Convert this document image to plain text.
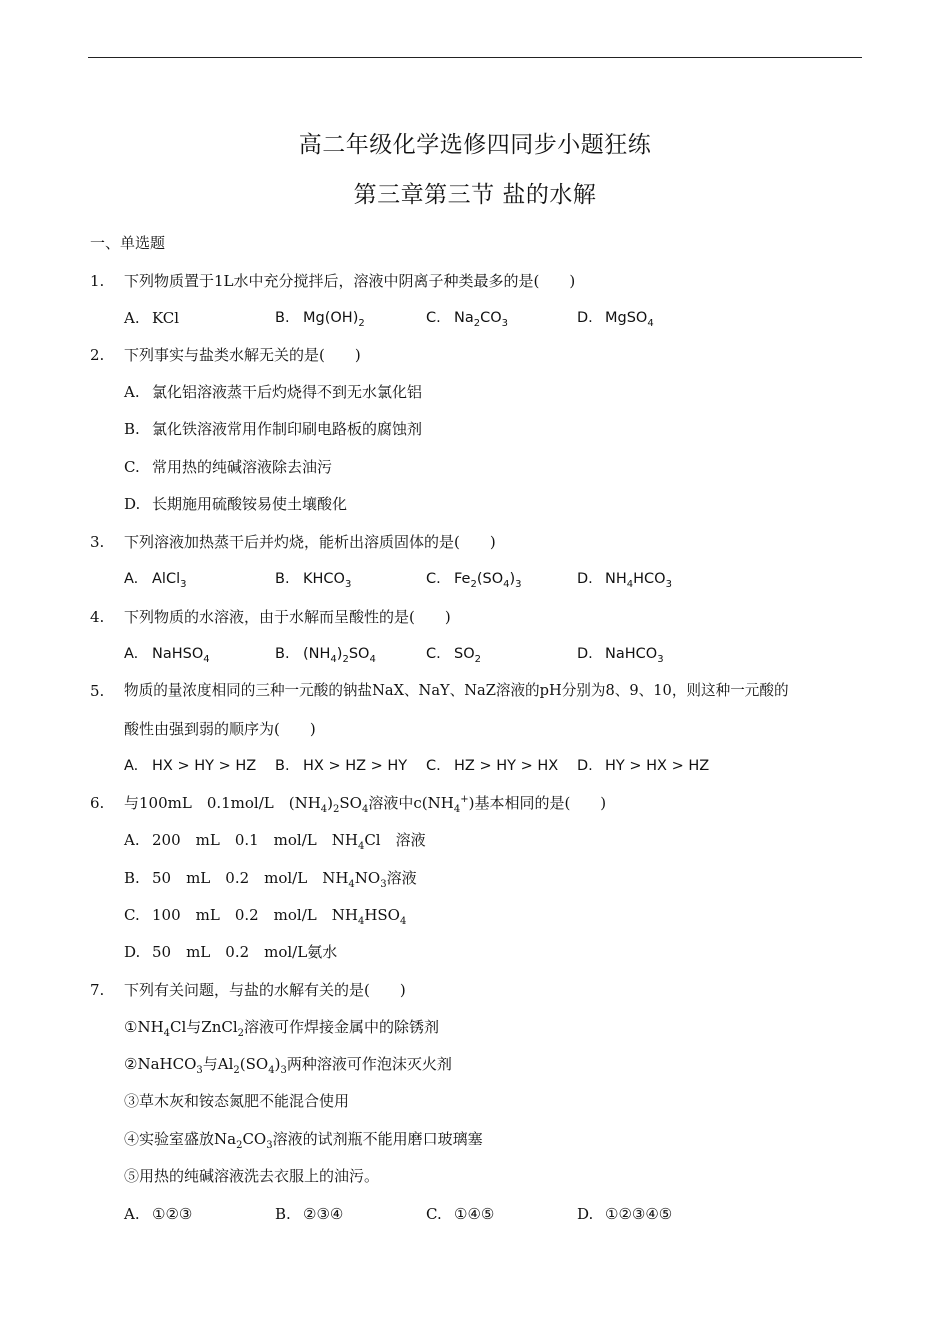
高二年级化学选修四同步小题狂练
第三章第三节 盐的水解
一、单选题
1. 下列物质置于1L水中充分搅拌后，溶液中阴离子种类最多的是(　　)
A. KCl	B. $Mg(OH)_2$	C. $Na_2CO_3$	D. MgSO$_4$
2. 下列事实与盐类水解无关的是(　　)
A. 氯化铝溶液蒸干后灼烧得不到无水氯化铝
B. 氯化铁溶液常用作制印刷电路板的腐蚀剂
C. 常用热的纯碱溶液除去油污
D. 长期施用硫酸铵易使土壤酸化
3. 下列溶液加热蒸干后并灼烧，能析出溶质固体的是(　　)
A. AlCl$_3$	B. $KHCO_3$	C. $Fe_2(SO_4)_3$	D. $NH_4HCO_3$
4. 下列物质的水溶液，由于水解而呈酸性的是(　　)
A. NaHSO$_4$	B. $(NH_4)_2SO_4$	C. $SO_2$	D. NaHCO$_3$
5. 物质的量浓度相同的三种一元酸的钠盐NaX、NaY、NaZ溶液的pH分别为8、9、10，则这种一元酸的
酸性由强到弱的顺序为(　　)
A. HX > HY > HZ B. HX > HZ > HY C. HZ > HY > HX D. HY > HX > HZ
6. 与100mL　0.1mol/L　$(NH_4)_2SO_4$溶液中$c(NH_4^+)$基本相同的是(　　)
A. 200　mL　0.1　mol/L　$NH_4Cl$　溶液
B. 50　mL　0.2　mol/L　$NH_4NO_3$溶液
C. 100　mL　0.2　mol/L　$NH_4HSO_4$
D. 50　mL　0.2　mol/L氨水
7. 下列有关问题，与盐的水解有关的是(　　)
$①NH_4Cl$与ZnCl$_2$溶液可作焊接金属中的除锈剂
②NaHCO$_3$与$Al_2(SO_4)_3$两种溶液可作泡沫灭火剂
③草木灰和铵态氮肥不能混合使用
④实验室盛放$Na_2CO_3$溶液的试剂瓶不能用磨口玻璃塞
⑤用热的纯碱溶液洗去衣服上的油污。
A. ①②③	B. ②③④	C. ①④⑤	D. ①②③④⑤
